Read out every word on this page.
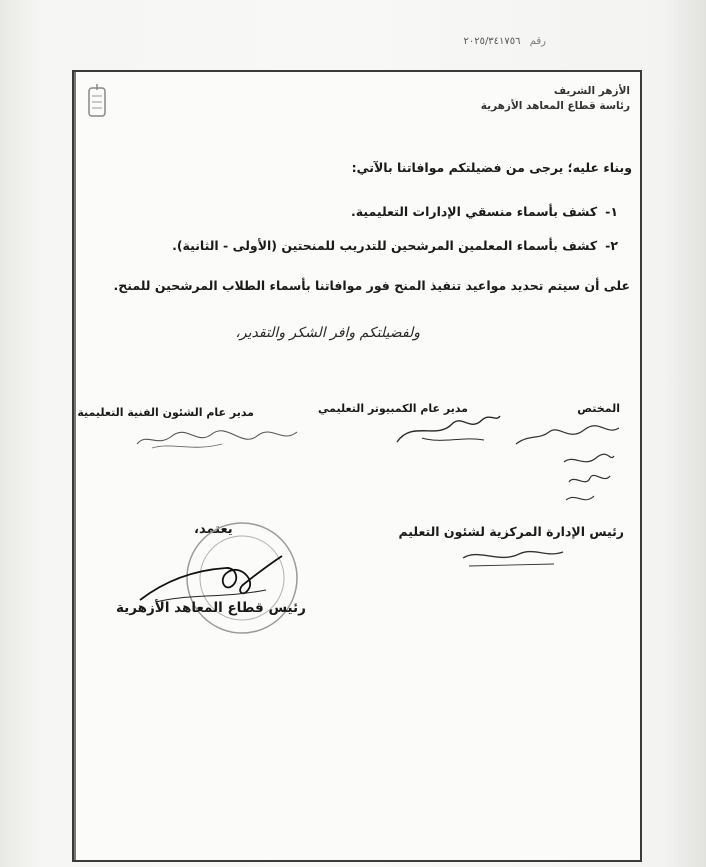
رقم ٢٠٢٥/٣٤١٧٥٦
الأزهر الشريف
رئاسة قطاع المعاهد الأزهرية
وبناء عليه؛ يرجى من فضيلتكم موافاتنا بالآتي:
١-كشف بأسماء منسقي الإدارات التعليمية.
٢-كشف بأسماء المعلمين المرشحين للتدريب للمنحتين (الأولى - الثانية).
على أن سيتم تحديد مواعيد تنفيذ المنح فور موافاتنا بأسماء الطلاب المرشحين للمنح.
ولفضيلتكم وافر الشكر والتقدير،
المختص
مدير عام الكمبيوتر التعليمي
مدير عام الشئون الفنية التعليمية
يعتمد،	رئيس الإدارة المركزية لشئون التعليم
رئيس قطاع المعاهد الأزهرية
